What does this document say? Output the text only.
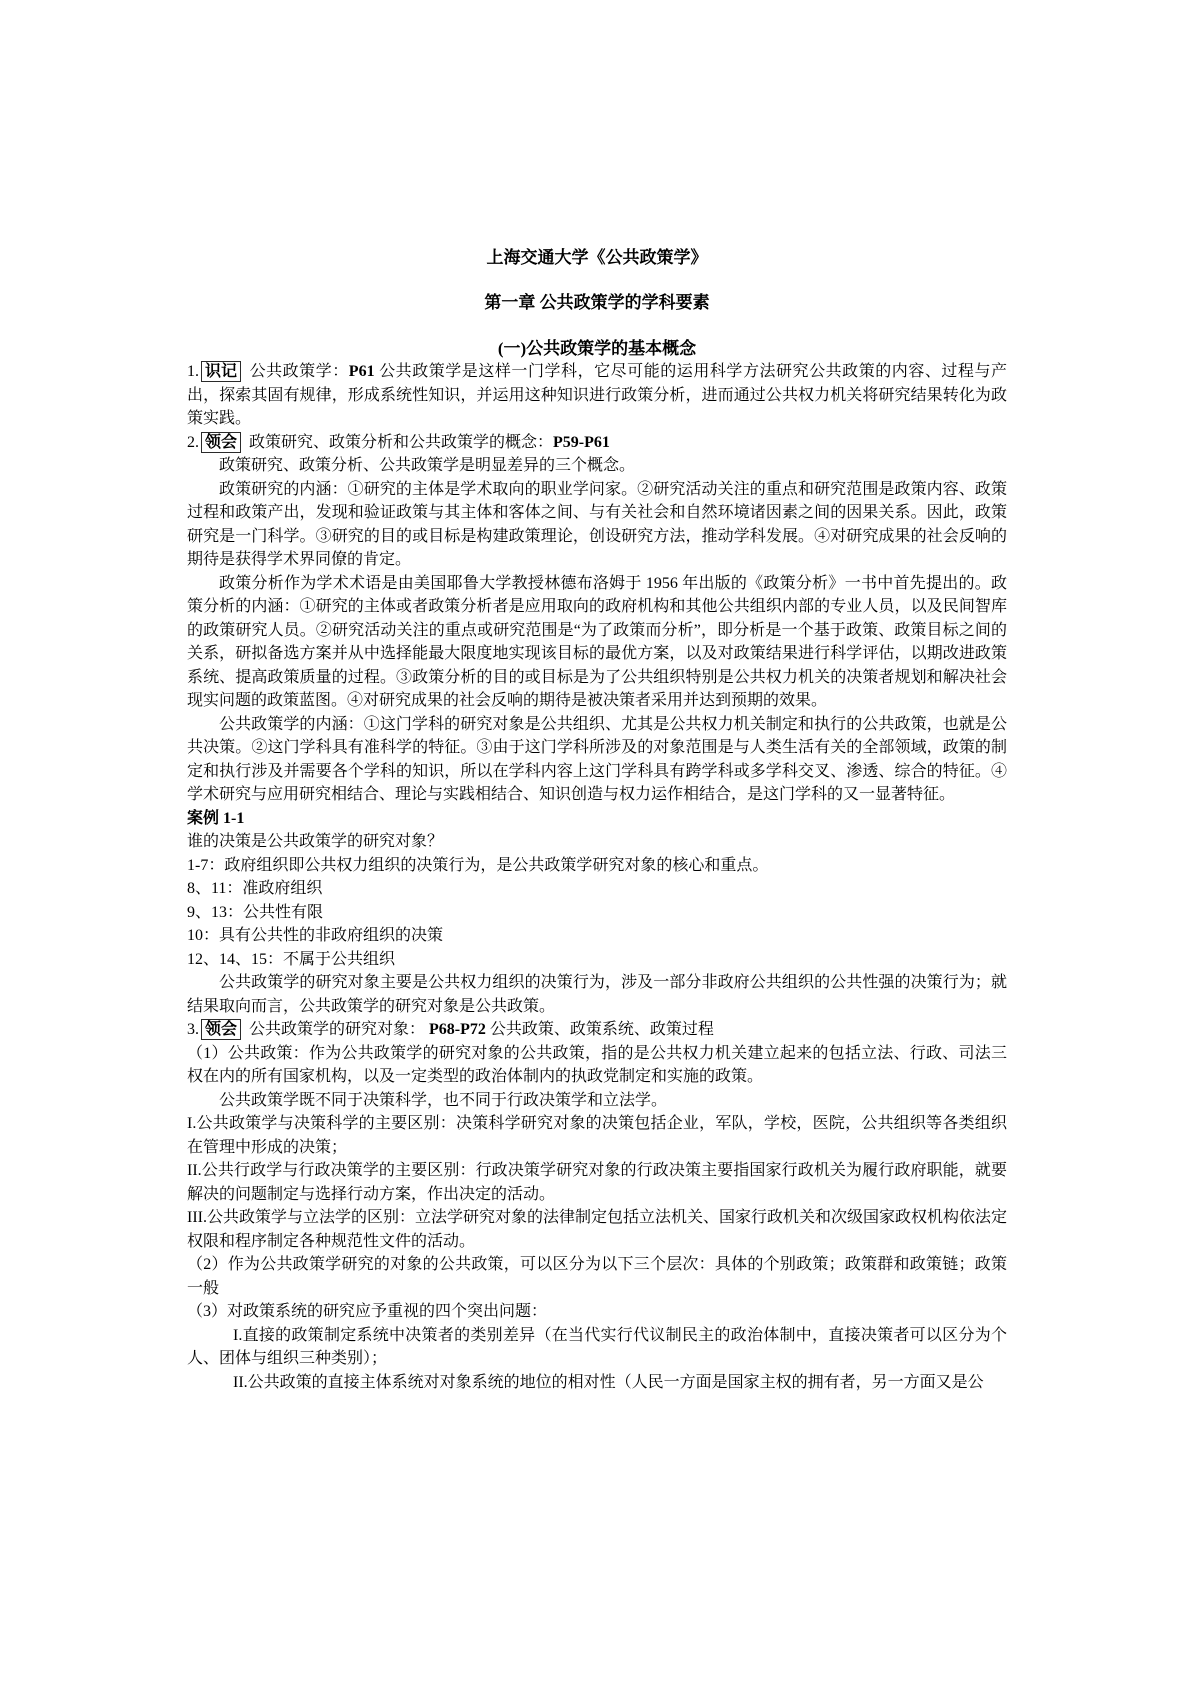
上海交通大学《公共政策学》

第一章 公共政策学的学科要素

(一)公共政策学的基本概念

1. 识记 公共政策学：P61 公共政策学是这样一门学科，它尽可能的运用科学方法研究公共政策的内容、过程与产出，探索其固有规律，形成系统性知识，并运用这种知识进行政策分析，进而通过公共权力机关将研究结果转化为政策实践。

2. 领会 政策研究、政策分析和公共政策学的概念：P59-P61

政策研究、政策分析、公共政策学是明显差异的三个概念。

政策研究的内涵：①研究的主体是学术取向的职业学问家。②研究活动关注的重点和研究范围是政策内容、政策过程和政策产出，发现和验证政策与其主体和客体之间、与有关社会和自然环境诸因素之间的因果关系。因此，政策研究是一门科学。③研究的目的或目标是构建政策理论，创设研究方法，推动学科发展。④对研究成果的社会反响的期待是获得学术界同僚的肯定。

政策分析作为学术术语是由美国耶鲁大学教授林德布洛姆于 1956 年出版的《政策分析》一书中首先提出的。政策分析的内涵：①研究的主体或者政策分析者是应用取向的政府机构和其他公共组织内部的专业人员，以及民间智库的政策研究人员。②研究活动关注的重点或研究范围是“为了政策而分析”，即分析是一个基于政策、政策目标之间的关系，研拟备选方案并从中选择能最大限度地实现该目标的最优方案，以及对政策结果进行科学评估，以期改进政策系统、提高政策质量的过程。③政策分析的目的或目标是为了公共组织特别是公共权力机关的决策者规划和解决社会现实问题的政策蓝图。④对研究成果的社会反响的期待是被决策者采用并达到预期的效果。

公共政策学的内涵：①这门学科的研究对象是公共组织、尤其是公共权力机关制定和执行的公共政策，也就是公共决策。②这门学科具有准科学的特征。③由于这门学科所涉及的对象范围是与人类生活有关的全部领域，政策的制定和执行涉及并需要各个学科的知识，所以在学科内容上这门学科具有跨学科或多学科交叉、渗透、综合的特征。④学术研究与应用研究相结合、理论与实践相结合、知识创造与权力运作相结合，是这门学科的又一显著特征。

案例 1-1

谁的决策是公共政策学的研究对象？

1-7：政府组织即公共权力组织的决策行为，是公共政策学研究对象的核心和重点。

8、11：准政府组织

9、13：公共性有限

10：具有公共性的非政府组织的决策

12、14、15：不属于公共组织

公共政策学的研究对象主要是公共权力组织的决策行为，涉及一部分非政府公共组织的公共性强的决策行为；就结果取向而言，公共政策学的研究对象是公共政策。

3. 领会 公共政策学的研究对象： P68-P72 公共政策、政策系统、政策过程

（1）公共政策：作为公共政策学的研究对象的公共政策，指的是公共权力机关建立起来的包括立法、行政、司法三权在内的所有国家机构，以及一定类型的政治体制内的执政党制定和实施的政策。

公共政策学既不同于决策科学，也不同于行政决策学和立法学。

I.公共政策学与决策科学的主要区别：决策科学研究对象的决策包括企业，军队，学校，医院，公共组织等各类组织在管理中形成的决策；

II.公共行政学与行政决策学的主要区别：行政决策学研究对象的行政决策主要指国家行政机关为履行政府职能，就要解决的问题制定与选择行动方案，作出决定的活动。

III.公共政策学与立法学的区别：立法学研究对象的法律制定包括立法机关、国家行政机关和次级国家政权机构依法定权限和程序制定各种规范性文件的活动。

（2）作为公共政策学研究的对象的公共政策，可以区分为以下三个层次：具体的个别政策；政策群和政策链；政策一般

（3）对政策系统的研究应予重视的四个突出问题：

I.直接的政策制定系统中决策者的类别差异（在当代实行代议制民主的政治体制中，直接决策者可以区分为个人、团体与组织三种类别）；

II.公共政策的直接主体系统对对象系统的地位的相对性（人民一方面是国家主权的拥有者，另一方面又是公
